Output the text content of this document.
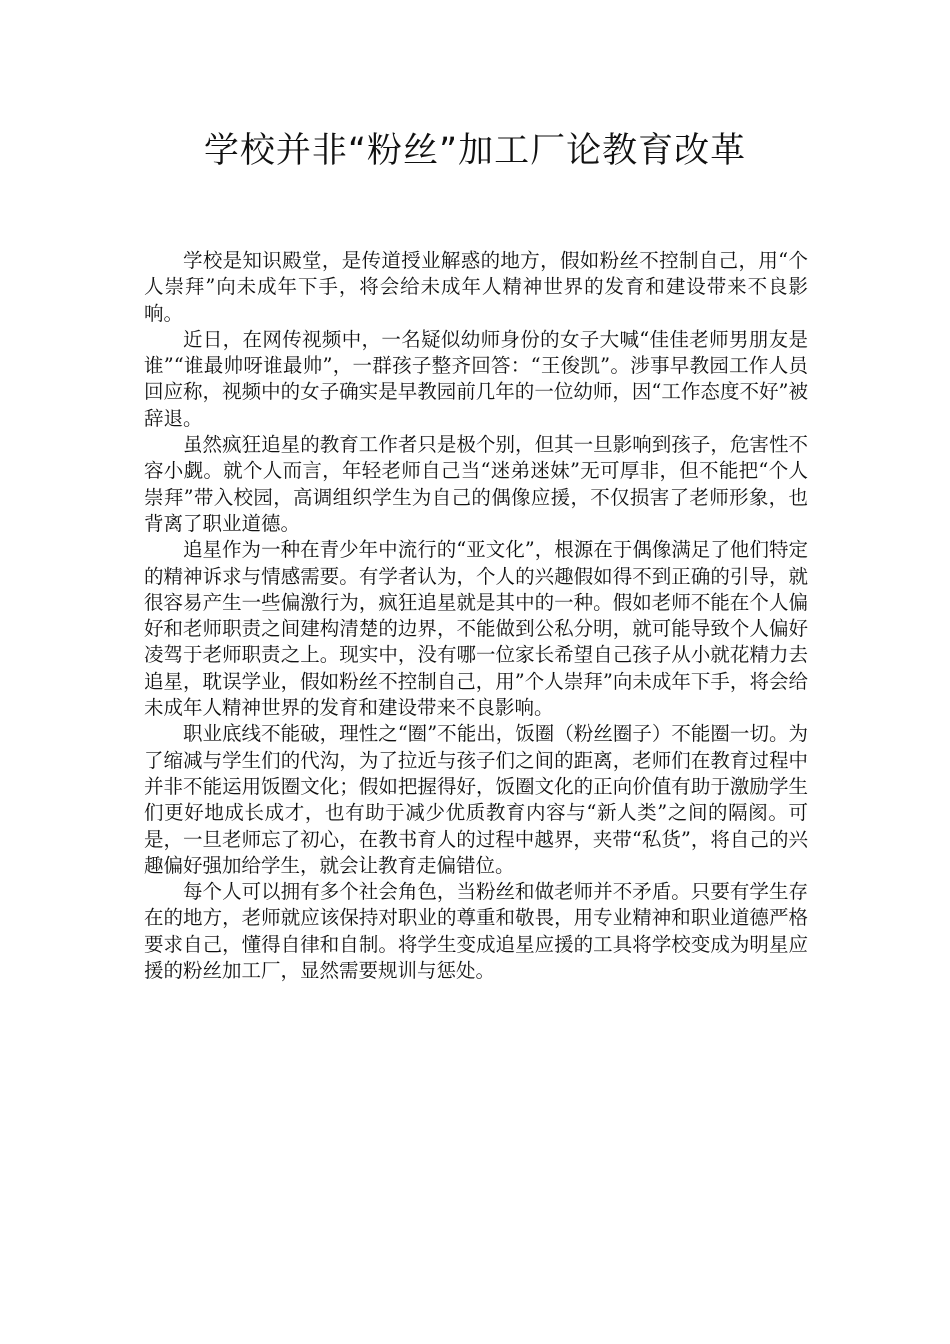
学校并非“粉丝”加工厂论教育改革

学校是知识殿堂，是传道授业解惑的地方，假如粉丝不控制自己，用“个人崇拜”向未成年下手，将会给未成年人精神世界的发育和建设带来不良影响。

近日，在网传视频中，一名疑似幼师身份的女子大喊“佳佳老师男朋友是谁”“谁最帅呀谁最帅”，一群孩子整齐回答：“王俊凯”。涉事早教园工作人员回应称，视频中的女子确实是早教园前几年的一位幼师，因“工作态度不好”被辞退。

虽然疯狂追星的教育工作者只是极个别，但其一旦影响到孩子，危害性不容小觑。就个人而言，年轻老师自己当“迷弟迷妹”无可厚非，但不能把“个人崇拜”带入校园，高调组织学生为自己的偶像应援，不仅损害了老师形象，也背离了职业道德。

追星作为一种在青少年中流行的“亚文化”，根源在于偶像满足了他们特定的精神诉求与情感需要。有学者认为，个人的兴趣假如得不到正确的引导，就很容易产生一些偏激行为，疯狂追星就是其中的一种。假如老师不能在个人偏好和老师职责之间建构清楚的边界，不能做到公私分明，就可能导致个人偏好凌驾于老师职责之上。现实中，没有哪一位家长希望自己孩子从小就花精力去追星，耽误学业，假如粉丝不控制自己，用”个人崇拜”向未成年下手，将会给未成年人精神世界的发育和建设带来不良影响。

职业底线不能破，理性之“圈”不能出，饭圈（粉丝圈子）不能圈一切。为了缩减与学生们的代沟，为了拉近与孩子们之间的距离，老师们在教育过程中并非不能运用饭圈文化；假如把握得好，饭圈文化的正向价值有助于激励学生们更好地成长成才，也有助于减少优质教育内容与“新人类”之间的隔阂。可是，一旦老师忘了初心，在教书育人的过程中越界，夹带“私货”，将自己的兴趣偏好强加给学生，就会让教育走偏错位。

每个人可以拥有多个社会角色，当粉丝和做老师并不矛盾。只要有学生存在的地方，老师就应该保持对职业的尊重和敬畏，用专业精神和职业道德严格要求自己，懂得自律和自制。将学生变成追星应援的工具将学校变成为明星应援的粉丝加工厂，显然需要规训与惩处。
